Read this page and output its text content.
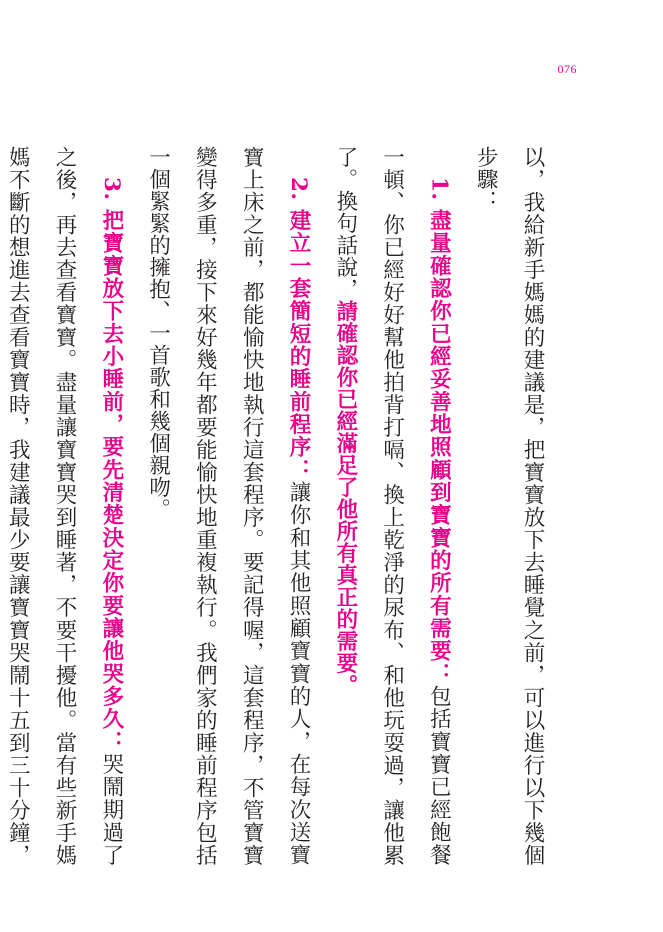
076

以，我給新手媽媽的建議是，把寶寶放下去睡覺之前，可以進行以下幾個步驟：

1. 盡量確認你已經妥善地照顧到寶寶的所有需要：包括寶寶已經飽餐一頓、你已經好好幫他拍背打嗝、換上乾淨的尿布、和他玩耍過，讓他累了。換句話說，請確認你已經滿足了他所有真正的需要。

2. 建立一套簡短的睡前程序：讓你和其他照顧寶寶的人，在每次送寶寶上床之前，都能愉快地執行這套程序。要記得喔，這套程序，不管寶寶變得多重，接下來好幾年都要能愉快地重複執行。我們家的睡前程序包括一個緊緊的擁抱、一首歌和幾個親吻。

3. 把寶寶放下去小睡前，要先清楚決定你要讓他哭多久：哭鬧期過了之後，再去查看寶寶。盡量讓寶寶哭到睡著，不要干擾他。當有些新手媽媽不斷的想進去查看寶寶時，我建議最少要讓寶寶哭鬧十五到三十分鐘，
